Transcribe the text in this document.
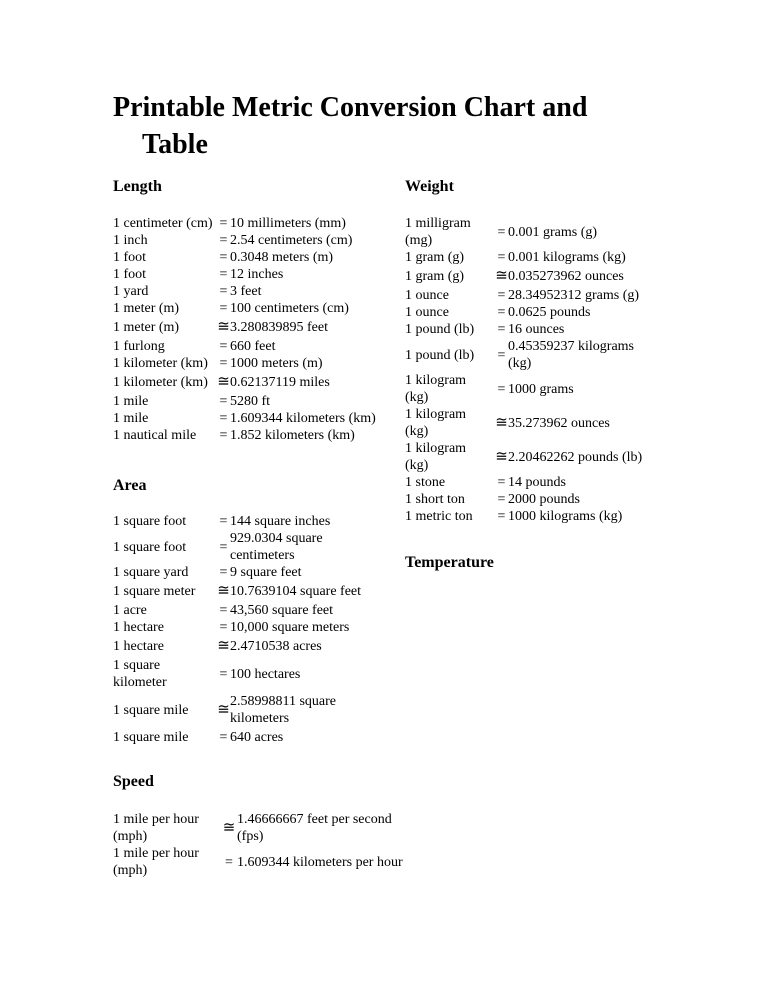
Printable Metric Conversion Chart and
Table
Length
1 centimeter (cm) = 10 millimeters (mm)
1 inch	= 2.54 centimeters (cm)
1 foot	= 0.3048 meters (m)
1 foot	= 12 inches
1 yard	= 3 feet
1 meter (m)	= 100 centimeters (cm)
1 meter (m)	≅ 3.280839895 feet
1 furlong	= 660 feet
1 kilometer (km) = 1000 meters (m)
1 kilometer (km) ≅ 0.62137119 miles
1 mile	= 5280 ft
1 mile	= 1.609344 kilometers (km)
1 nautical mile	= 1.852 kilometers (km)
Area
1 square foot	= 144 square inches
1 square foot	=
929.0304 square centimeters
1 square yard	= 9 square feet
1 square meter	≅ 10.7639104 square feet
1 acre	= 43,560 square feet
1 hectare	= 10,000 square meters
1 hectare	≅ 2.4710538 acres
1 square kilometer
= 100 hectares
1 square mile	≅ 2.58998811 square kilometers
1 square mile	= 640 acres
Speed
1 mile per hour (mph)
≅ 1.46666667 feet per second (fps)
1 mile per hour (mph)
= 1.609344 kilometers per hour
Weight
1 milligram (mg)
= 0.001 grams (g)
1 gram (g)	= 0.001 kilograms (kg)
1 gram (g)	≅ 0.035273962 ounces
1 ounce	= 28.34952312 grams (g)
1 ounce	= 0.0625 pounds
1 pound (lb)	= 16 ounces
1 pound (lb)	=
0.45359237 kilograms (kg)
1 kilogram (kg)
= 1000 grams
1 kilogram (kg)
≅ 35.273962 ounces
1 kilogram (kg)
≅ 2.20462262 pounds (lb)
1 stone	= 14 pounds
1 short ton	= 2000 pounds
1 metric ton	= 1000 kilograms (kg)
Temperature
